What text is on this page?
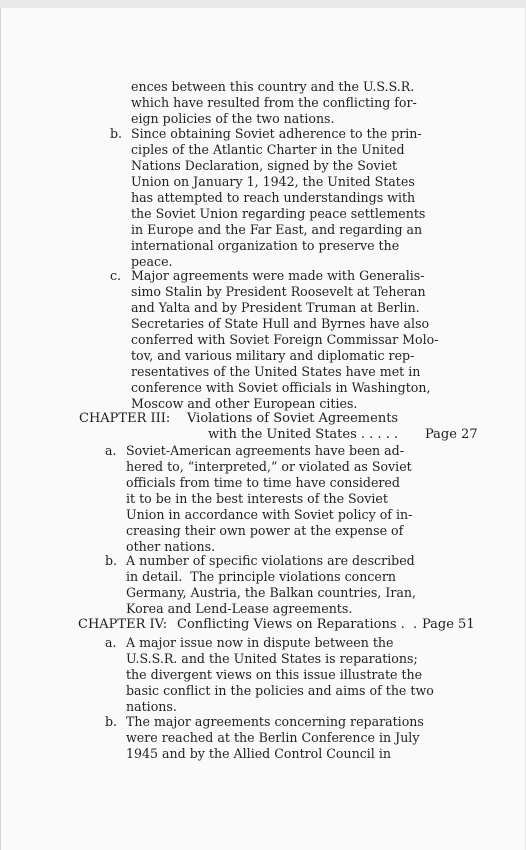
ences between this country and the U.S.S.R.
which have resulted from the conflicting for-
eign policies of the two nations.
b. Since obtaining Soviet adherence to the prin-
ciples of the Atlantic Charter in the United
Nations Declaration, signed by the Soviet
Union on January 1, 1942, the United States
has attempted to reach understandings with
the Soviet Union regarding peace settlements
in Europe and the Far East, and regarding an
international organization to preserve the
peace.
c. Major agreements were made with Generalis-
simo Stalin by President Roosevelt at Teheran
and Yalta and by President Truman at Berlin.
Secretaries of State Hull and Byrnes have also
conferred with Soviet Foreign Commissar Molo-
tov, and various military and diplomatic rep-
resentatives of the United States have met in
conference with Soviet officials in Washington,
Moscow and other European cities.
CHAPTER III: Violations of Soviet Agreements
with the United States . . . . . Page 27
a. Soviet-American agreements have been ad-
hered to, “interpreted,” or violated as Soviet
officials from time to time have considered
it to be in the best interests of the Soviet
Union in accordance with Soviet policy of in-
creasing their own power at the expense of
other nations.
b. A number of specific violations are described
in detail.  The principle violations concern
Germany, Austria, the Balkan countries, Iran,
Korea and Lend-Lease agreements.
CHAPTER IV: Conflicting Views on Reparations .  . Page 51
a. A major issue now in dispute between the
U.S.S.R. and the United States is reparations;
the divergent views on this issue illustrate the
basic conflict in the policies and aims of the two
nations.
b. The major agreements concerning reparations
were reached at the Berlin Conference in July
1945 and by the Allied Control Council in
